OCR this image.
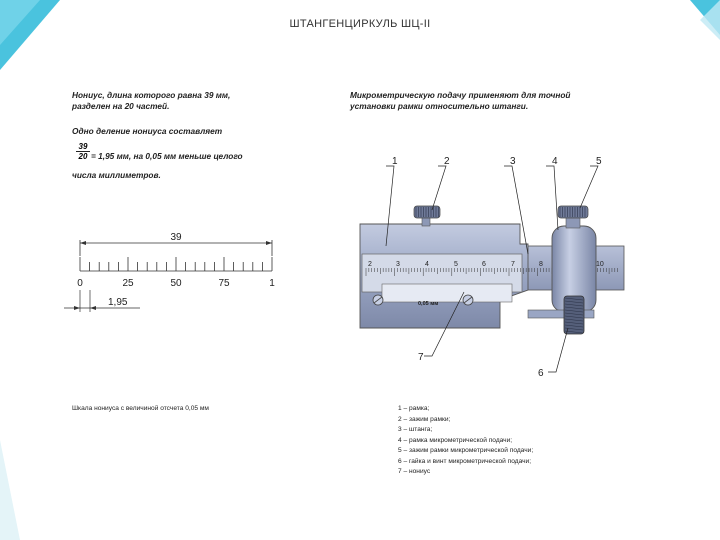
ШТАНГЕНЦИРКУЛЬ ШЦ-II
Нониус, длина которого равна 39 мм,
разделен на 20 частей.
Одно деление нониуса составляет
$\frac{39}{20} = 1,95$ мм, на 0,05 мм меньше целого
числа миллиметров.
39
0	25	50	75	1
1,95
Шкала нониуса с величиной отсчета 0,05 мм
Микрометрическую подачу применяют для точной
установки рамки относительно штанги.
2	3	4	5	6	7	8	10
0,05 мм
1	2	3	4	5
6
7
1 – рамка;
2 – зажим рамки;
3 – штанга;
4 – рамка микрометрической подачи;
5 – зажим рамки микрометрической подачи;
6 – гайка и винт микрометрической подачи;
7 – нониус
